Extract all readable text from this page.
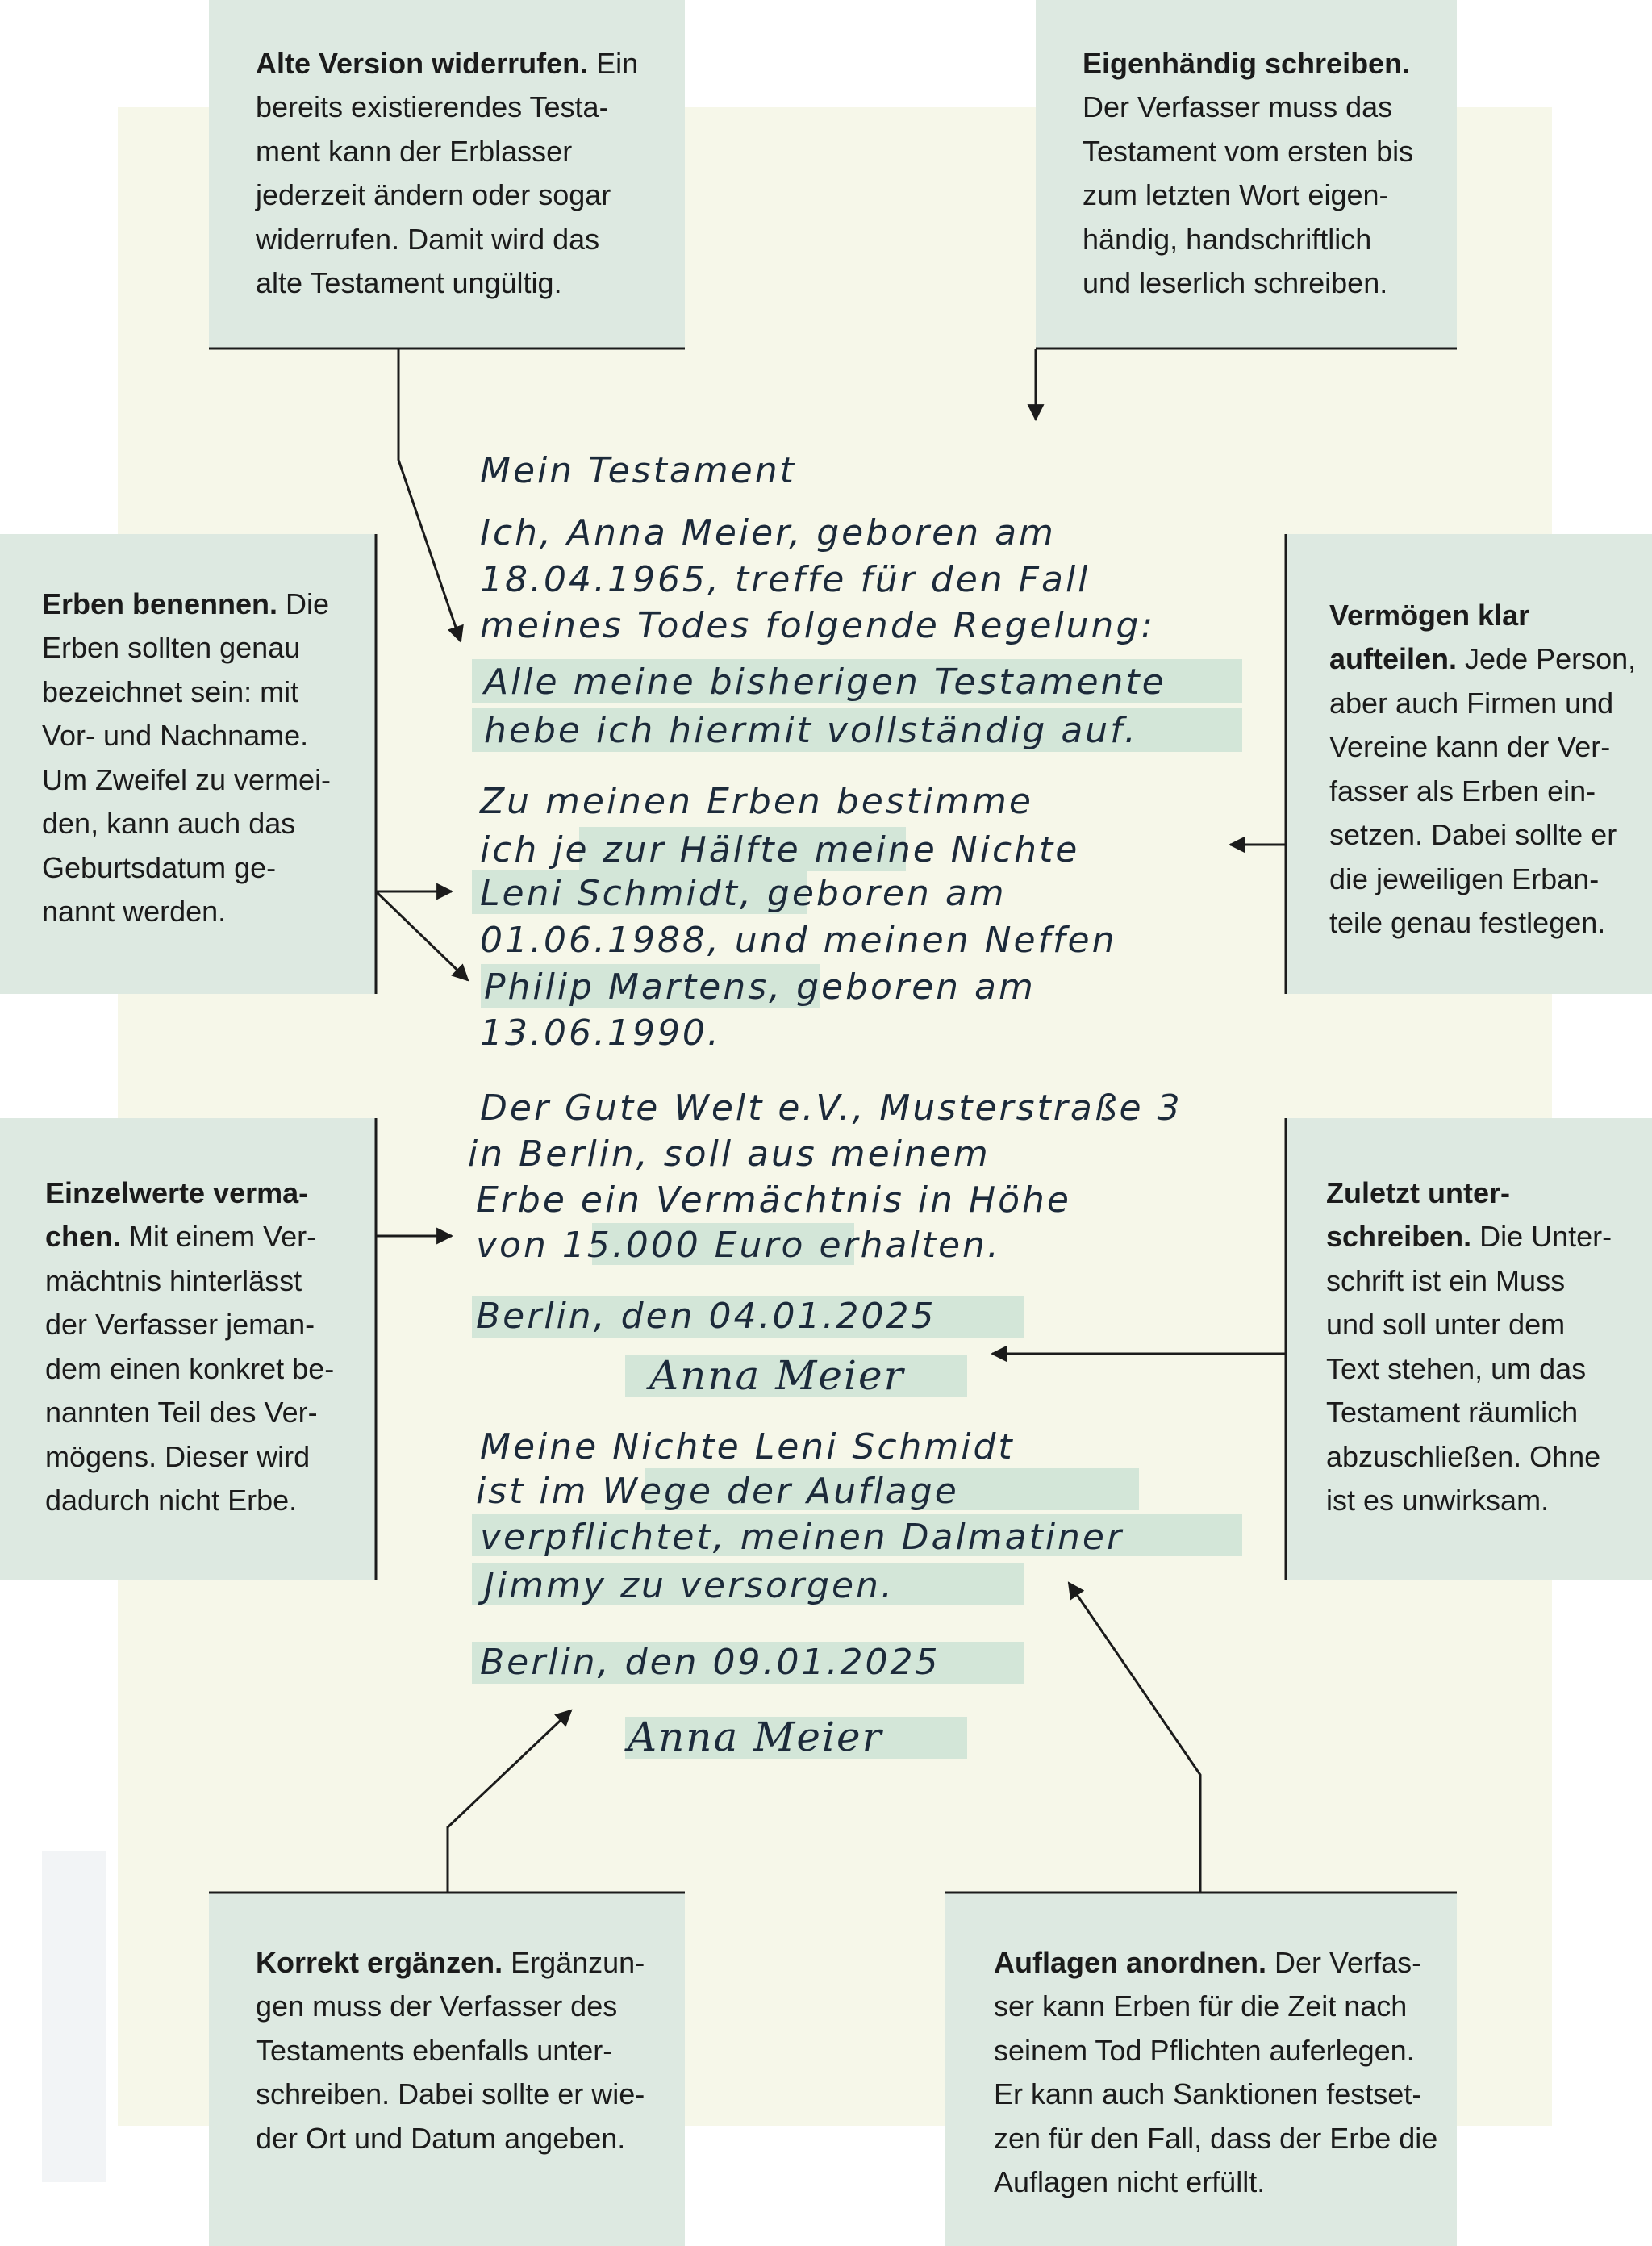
Alte Version widerrufen. Ein
bereits existierendes Testa-
ment kann der Erblasser
jederzeit ändern oder sogar
widerrufen. Damit wird das
alte Testament ungültig.
Eigenhändig schreiben.
Der Verfasser muss das
Testament vom ersten bis
zum letzten Wort eigen-
händig, handschriftlich
und leserlich schreiben.
Erben benennen. Die
Erben sollten genau
bezeichnet sein: mit
Vor- und Nachname.
Um Zweifel zu vermei-
den, kann auch das
Geburtsdatum ge-
nannt werden.
Vermögen klar
aufteilen. Jede Person,
aber auch Firmen und
Vereine kann der Ver-
fasser als Erben ein-
setzen. Dabei sollte er
die jeweiligen Erban-
teile genau festlegen.
Einzelwerte verma-
chen. Mit einem Ver-
mächtnis hinterlässt
der Verfasser jeman-
dem einen konkret be-
nannten Teil des Ver-
mögens. Dieser wird
dadurch nicht Erbe.
Zuletzt unter-
schreiben. Die Unter-
schrift ist ein Muss
und soll unter dem
Text stehen, um das
Testament räumlich
abzuschließen. Ohne
ist es unwirksam.
Korrekt ergänzen. Ergänzun-
gen muss der Verfasser des
Testaments ebenfalls unter-
schreiben. Dabei sollte er wie-
der Ort und Datum angeben.
Auflagen anordnen. Der Verfas-
ser kann Erben für die Zeit nach
seinem Tod Pflichten auferlegen.
Er kann auch Sanktionen festset-
zen für den Fall, dass der Erbe die
Auflagen nicht erfüllt.
Mein Testament
Ich, Anna Meier, geboren am
18.04.1965, treffe für den Fall
meines Todes folgende Regelung:
Alle meine bisherigen Testamente
hebe ich hiermit vollständig auf.
Zu meinen Erben bestimme
ich je zur Hälfte meine Nichte
Leni Schmidt, geboren am
01.06.1988, und meinen Neffen
Philip Martens, geboren am
13.06.1990.
Der Gute Welt e.V., Musterstraße 3
in Berlin, soll aus meinem
Erbe ein Vermächtnis in Höhe
von 15.000 Euro erhalten.
Berlin, den 04.01.2025
Anna Meier
Meine Nichte Leni Schmidt
ist im Wege der Auflage
verpflichtet, meinen Dalmatiner
Jimmy zu versorgen.
Berlin, den 09.01.2025
Anna Meier
